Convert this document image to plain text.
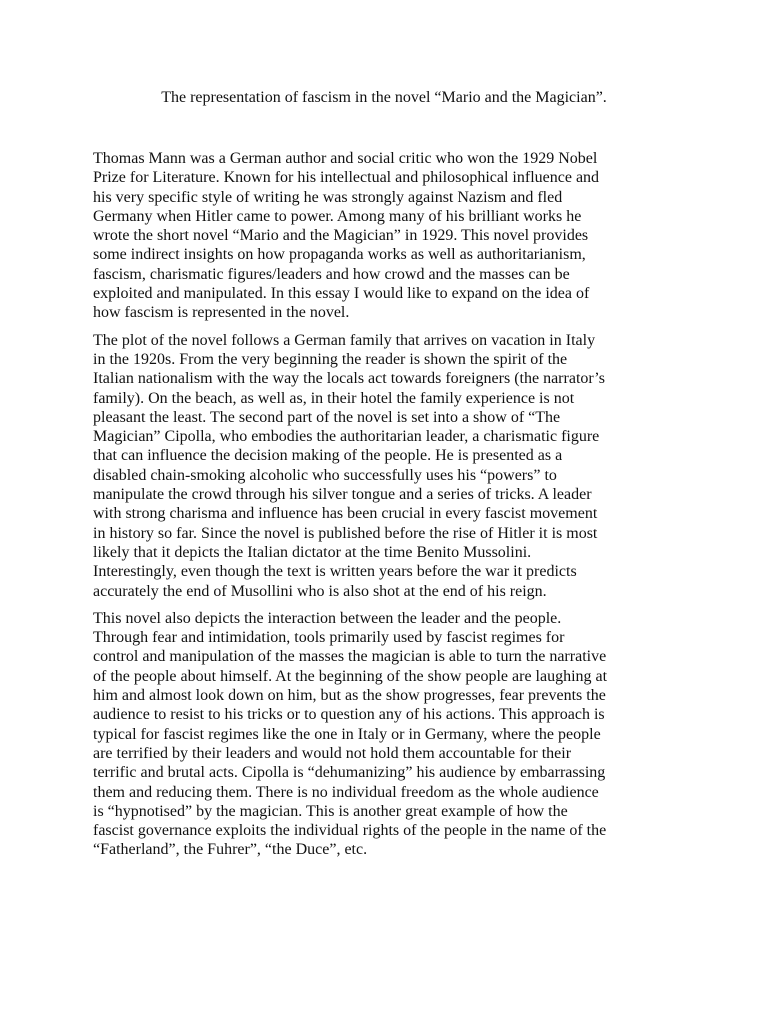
The representation of fascism in the novel “Mario and the Magician”.

Thomas Mann was a German author and social critic who won the 1929 Nobel
Prize for Literature. Known for his intellectual and philosophical influence and
his very specific style of writing he was strongly against Nazism and fled
Germany when Hitler came to power. Among many of his brilliant works he
wrote the short novel “Mario and the Magician” in 1929. This novel provides
some indirect insights on how propaganda works as well as authoritarianism,
fascism, charismatic figures/leaders and how crowd and the masses can be
exploited and manipulated. In this essay I would like to expand on the idea of
how fascism is represented in the novel.

The plot of the novel follows a German family that arrives on vacation in Italy
in the 1920s. From the very beginning the reader is shown the spirit of the
Italian nationalism with the way the locals act towards foreigners (the narrator’s
family). On the beach, as well as, in their hotel the family experience is not
pleasant the least. The second part of the novel is set into a show of “The
Magician” Cipolla, who embodies the authoritarian leader, a charismatic figure
that can influence the decision making of the people. He is presented as a
disabled chain-smoking alcoholic who successfully uses his “powers” to
manipulate the crowd through his silver tongue and a series of tricks. A leader
with strong charisma and influence has been crucial in every fascist movement
in history so far. Since the novel is published before the rise of Hitler it is most
likely that it depicts the Italian dictator at the time Benito Mussolini.
Interestingly, even though the text is written years before the war it predicts
accurately the end of Musollini who is also shot at the end of his reign.

This novel also depicts the interaction between the leader and the people.
Through fear and intimidation, tools primarily used by fascist regimes for
control and manipulation of the masses the magician is able to turn the narrative
of the people about himself. At the beginning of the show people are laughing at
him and almost look down on him, but as the show progresses, fear prevents the
audience to resist to his tricks or to question any of his actions. This approach is
typical for fascist regimes like the one in Italy or in Germany, where the people
are terrified by their leaders and would not hold them accountable for their
terrific and brutal acts. Cipolla is “dehumanizing” his audience by embarrassing
them and reducing them. There is no individual freedom as the whole audience
is “hypnotised” by the magician. This is another great example of how the
fascist governance exploits the individual rights of the people in the name of the
“Fatherland”, the Fuhrer”, “the Duce”, etc.
